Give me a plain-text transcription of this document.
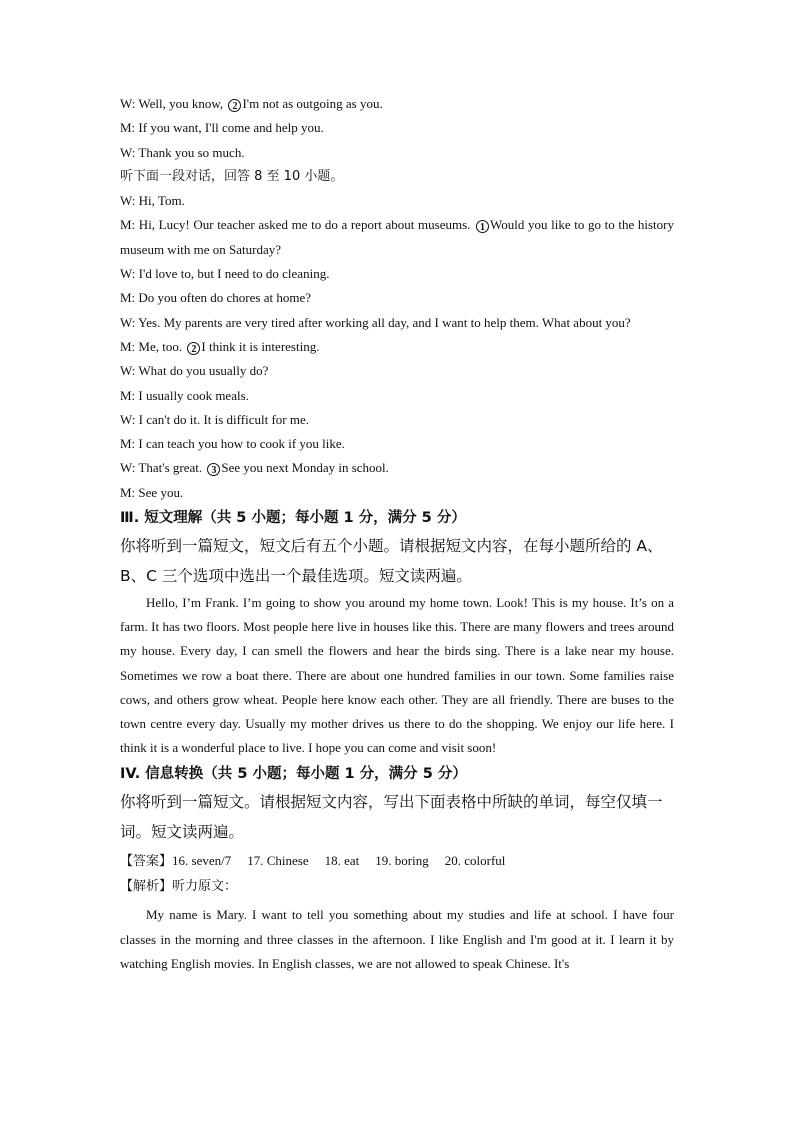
W: Well, you know, 2 I'm not as outgoing as you.

M: If you want, I'll come and help you.

W: Thank you so much.

听下面一段对话，回答 8 至 10 小题。

W: Hi, Tom.

M: Hi, Lucy! Our teacher asked me to do a report about museums. 1 Would you like to go to the history museum with me on Saturday?

W: I'd love to, but I need to do cleaning.

M: Do you often do chores at home?

W: Yes. My parents are very tired after working all day, and I want to help them. What about you?

M: Me, too. 2 I think it is interesting.

W: What do you usually do?

M: I usually cook meals.

W: I can't do it. It is difficult for me.

M: I can teach you how to cook if you like.

W: That's great. 3 See you next Monday in school.

M: See you.

Ⅲ. 短文理解（共 5 小题；每小题 1 分，满分 5 分）

你将听到一篇短文，短文后有五个小题。请根据短文内容，在每小题所给的 A、B、C 三个选项中选出一个最佳选项。短文读两遍。

Hello, I’m Frank. I’m going to show you around my home town. Look! This is my house. It’s on a farm. It has two floors. Most people here live in houses like this. There are many flowers and trees around my house. Every day, I can smell the flowers and hear the birds sing. There is a lake near my house. Sometimes we row a boat there. There are about one hundred families in our town. Some families raise cows, and others grow wheat. People here know each other. They are all friendly. There are buses to the town centre every day. Usually my mother drives us there to do the shopping. We enjoy our life here. I think it is a wonderful place to live. I hope you can come and visit soon!

IV. 信息转换（共 5 小题；每小题 1 分，满分 5 分）

你将听到一篇短文。请根据短文内容，写出下面表格中所缺的单词，每空仅填一词。短文读两遍。

【答案】16. seven/7 17. Chinese 18. eat 19. boring 20. colorful

【解析】听力原文：

My name is Mary. I want to tell you something about my studies and life at school. I have four classes in the morning and three classes in the afternoon. I like English and I'm good at it. I learn it by watching English movies. In English classes, we are not allowed to speak Chinese. It's
